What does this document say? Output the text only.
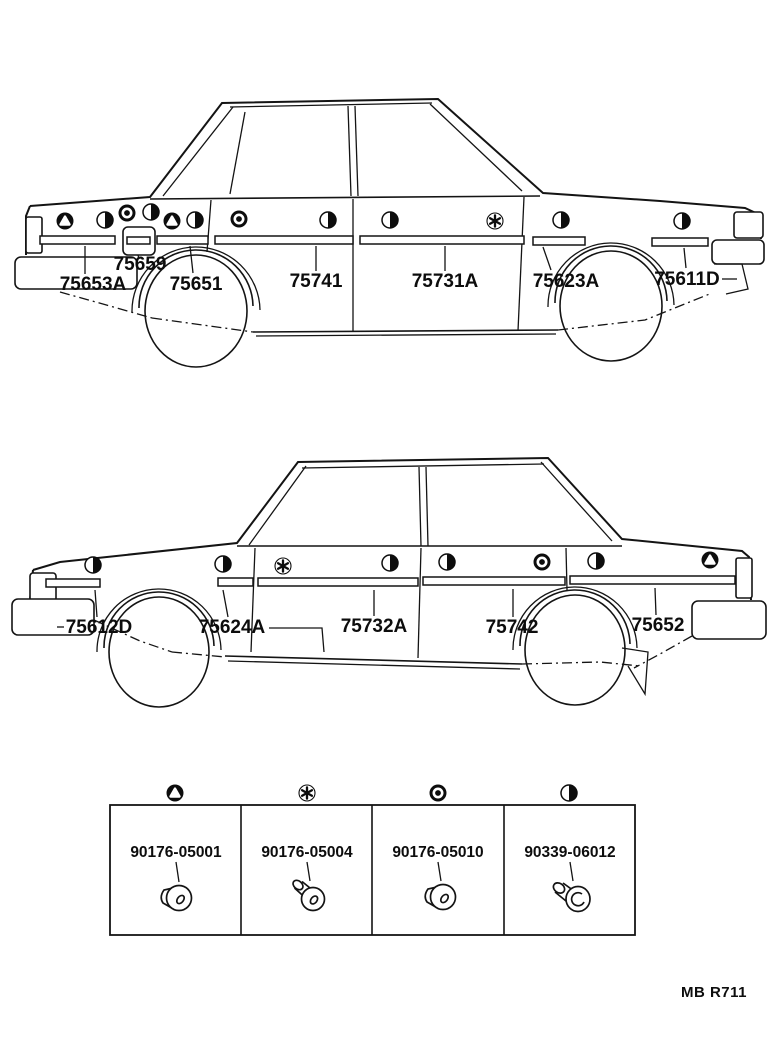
75659
75653A 75651	75741	75731A	75623A	75611D
75612D	75624A	75732A	75742	75652
90176-05001	90176-05004	90176-05010	90339-06012
MB R711
